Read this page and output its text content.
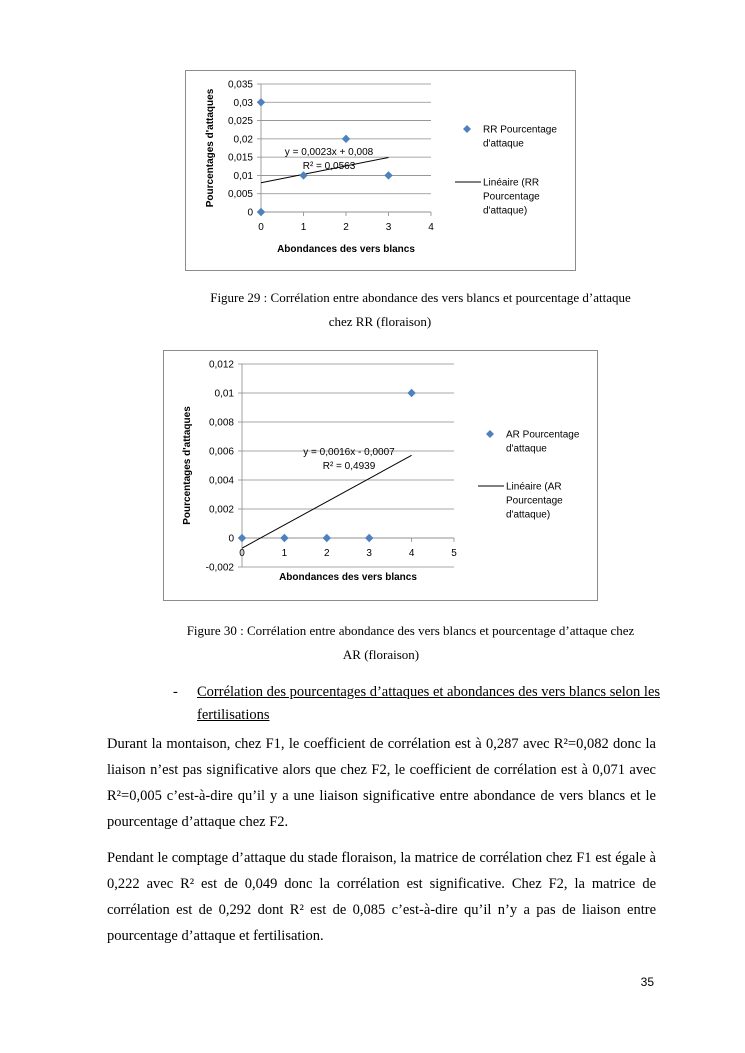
0
0,005
0,01
0,015
0,02
0,025
0,03
0,035
0	1	2	3	4
y = 0,0023x + 0,008
R² = 0,0563
Abondances des vers blancs
Pourcentages d'attaques	RR Pourcentage
d'attaque
Linéaire (RR
Pourcentage
d'attaque)
Figure 29 : Corrélation entre abondance des vers blancs et pourcentage d’attaque
chez RR (floraison)
-0,002
0
0,002
0,004
0,006
0,008
0,01
0,012
0	1	2	3	4	5
y = 0,0016x - 0,0007
R² = 0,4939
Abondances des vers blancs
Pourcentages d'attaques	AR Pourcentage
d'attaque
Linéaire (AR
Pourcentage
d'attaque)
Figure 30 : Corrélation entre abondance des vers blancs et pourcentage d’attaque chez
AR (floraison)
- Corrélation des pourcentages d’attaques et abondances des vers blancs selon les fertilisations
Durant la montaison, chez F1, le coefficient de corrélation est à 0,287 avec R²=0,082 donc la liaison n’est pas significative alors que chez F2, le coefficient de corrélation est à 0,071 avec R²=0,005 c’est-à-dire qu’il y a une liaison significative entre abondance de vers blancs et le pourcentage d’attaque chez F2.
Pendant le comptage d’attaque du stade floraison, la matrice de corrélation chez F1 est égale à 0,222 avec R² est de 0,049 donc la corrélation est significative. Chez F2, la matrice de corrélation est de 0,292 dont R² est de 0,085 c’est-à-dire qu’il n’y a pas de liaison entre pourcentage d’attaque et fertilisation.
35
